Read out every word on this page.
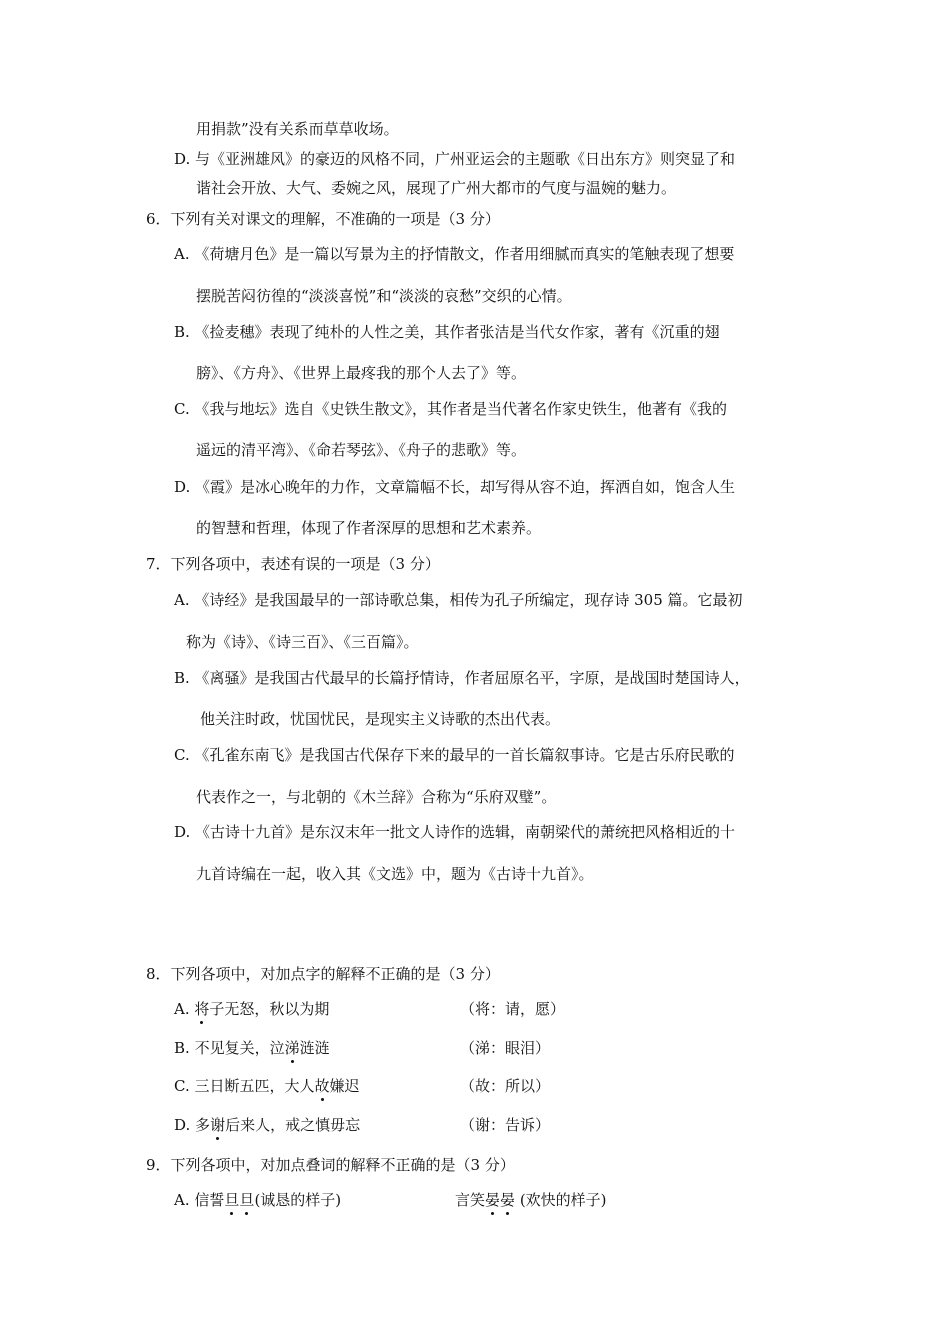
用捐款”没有关系而草草收场。
D. 与《亚洲雄风》的豪迈的风格不同，广州亚运会的主题歌《日出东方》则突显了和
谐社会开放、大气、委婉之风，展现了广州大都市的气度与温婉的魅力。
6．下列有关对课文的理解，不准确的一项是（3 分）
A. 《荷塘月色》是一篇以写景为主的抒情散文，作者用细腻而真实的笔触表现了想要
摆脱苦闷彷徨的“淡淡喜悦”和“淡淡的哀愁”交织的心情。
B. 《捡麦穗》表现了纯朴的人性之美，其作者张洁是当代女作家，著有《沉重的翅
膀》、《方舟》、《世界上最疼我的那个人去了》等。
C. 《我与地坛》选自《史铁生散文》，其作者是当代著名作家史铁生，他著有《我的
遥远的清平湾》、《命若琴弦》、《舟子的悲歌》等。
D. 《霞》是冰心晚年的力作，文章篇幅不长，却写得从容不迫，挥洒自如，饱含人生
的智慧和哲理，体现了作者深厚的思想和艺术素养。
7．下列各项中，表述有误的一项是（3 分）
A. 《诗经》是我国最早的一部诗歌总集，相传为孔子所编定，现存诗 305 篇。它最初
称为《诗》、《诗三百》、《三百篇》。
B. 《离骚》是我国古代最早的长篇抒情诗，作者屈原名平，字原，是战国时楚国诗人，
他关注时政，忧国忧民，是现实主义诗歌的杰出代表。
C. 《孔雀东南飞》是我国古代保存下来的最早的一首长篇叙事诗。它是古乐府民歌的
代表作之一，与北朝的《木兰辞》合称为“乐府双璧”。
D. 《古诗十九首》是东汉末年一批文人诗作的选辑，南朝梁代的萧统把风格相近的十
九首诗编在一起，收入其《文选》中，题为《古诗十九首》。
8．下列各项中，对加点字的解释不正确的是（3 分）
A. 将子无怒，秋以为期	（将：请，愿）
B. 不见复关，泣涕涟涟	（涕：眼泪）
C. 三日断五匹，大人故嫌迟	（故：所以）
D. 多谢后来人，戒之慎毋忘	（谢：告诉）
9．下列各项中，对加点叠词的解释不正确的是（3 分）
A. 信誓旦旦(诚恳的样子)	言笑晏晏 (欢快的样子)
